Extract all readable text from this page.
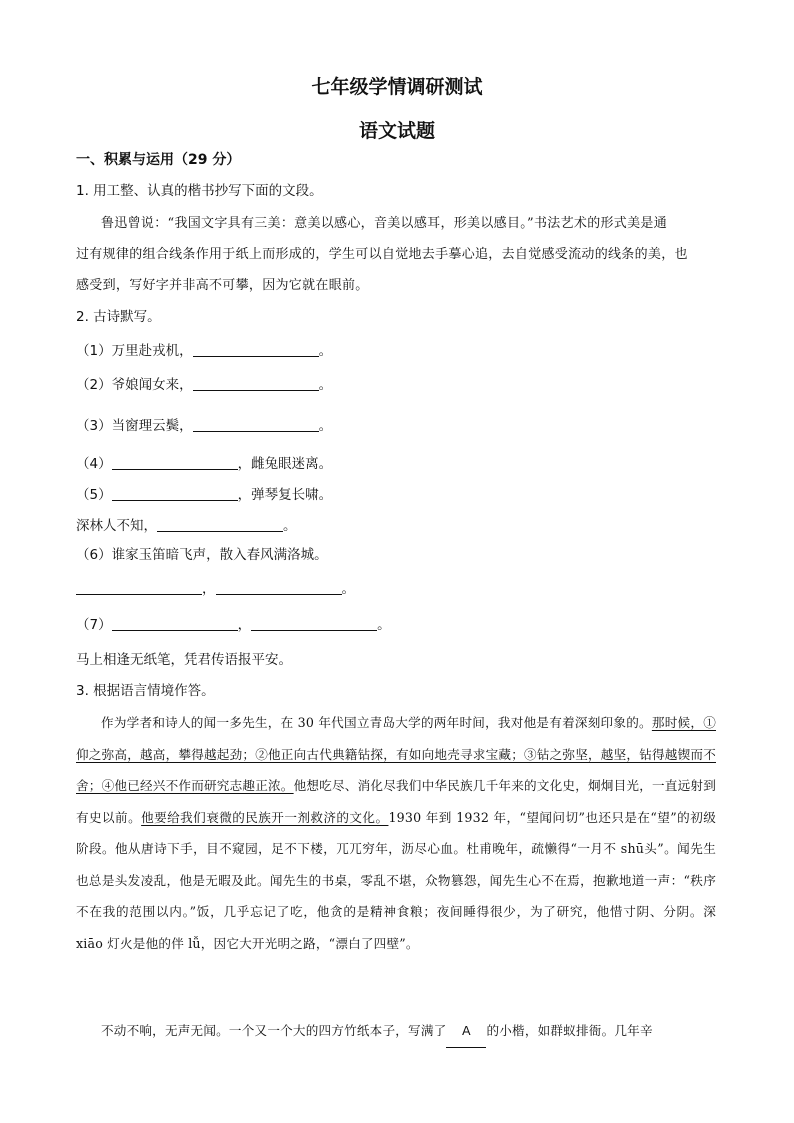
七年级学情调研测试
语文试题
一、积累与运用（29 分）
1. 用工整、认真的楷书抄写下面的文段。
鲁迅曾说：“我国文字具有三美：意美以感心，音美以感耳，形美以感目。”书法艺术的形式美是通
过有规律的组合线条作用于纸上而形成的，学生可以自觉地去手摹心追，去自觉感受流动的线条的美，也
感受到，写好字并非高不可攀，因为它就在眼前。
2. 古诗默写。
（1）万里赴戎机，	。
（2）爷娘闻女来，	。
（3）当窗理云鬓，	。
（4）	，雌兔眼迷离。
（5）	，弹琴复长啸。
深林人不知，	。
（6）谁家玉笛暗飞声，散入春风满洛城。
，	。
（7）	，	。
马上相逢无纸笔，凭君传语报平安。
3. 根据语言情境作答。
作为学者和诗人的闻一多先生，在 30 年代国立青岛大学的两年时间，我对他是有着深刻印象的。那时候，①仰之弥高，越高，攀得越起劲；②他正向古代典籍钻探，有如向地壳寻求宝藏；③钻之弥坚，越坚，钻得越锲而不舍；④他已经兴不作而研究志趣正浓。他想吃尽、消化尽我们中华民族几千年来的文化史，炯炯目光，一直远射到有史以前。他要给我们衰微的民族开一剂救济的文化。1930 年到 1932 年，“望闻问切”也还只是在“望”的初级阶段。他从唐诗下手，目不窥园，足不下楼，兀兀穷年，沥尽心血。杜甫晚年，疏懒得“一月不 shū头”。闻先生也总是头发凌乱，他是无暇及此。闻先生的书桌，零乱不堪，众物篡怨，闻先生心不在焉，抱歉地道一声：“秩序不在我的范围以内。”饭，几乎忘记了吃，他贪的是精神食粮；夜间睡得很少，为了研究，他惜寸阴、分阴。深 xiāo 灯火是他的伴 lǚ，因它大开光明之路，“漂白了四壁”。
不动不响，无声无闻。一个又一个大的四方竹纸本子，写满了 A 的小楷，如群蚁排衙。几年辛
